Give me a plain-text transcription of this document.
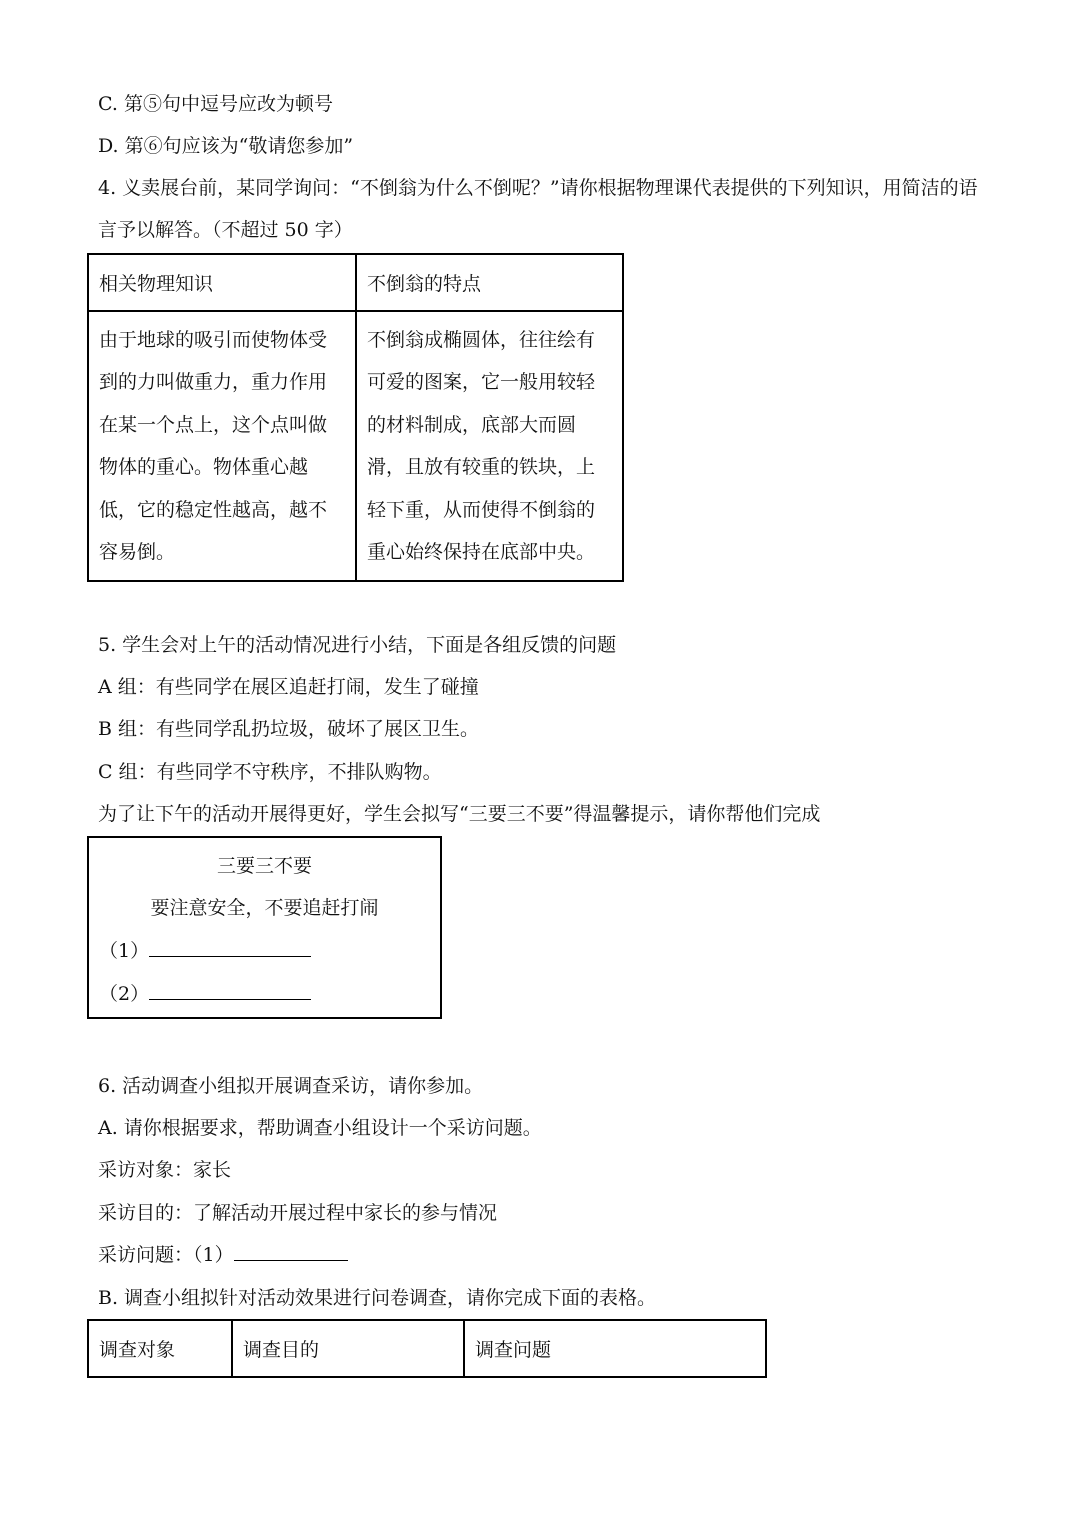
C. 第⑤句中逗号应改为顿号
D. 第⑥句应该为“敬请您参加”
4. 义卖展台前，某同学询问：“不倒翁为什么不倒呢？”请你根据物理课代表提供的下列知识，用简洁的语言予以解答。（不超过 50 字）
相关物理知识	不倒翁的特点
由于地球的吸引而使物体受到的力叫做重力，重力作用在某一个点上，这个点叫做物体的重心。物体重心越低，它的稳定性越高，越不容易倒。	不倒翁成椭圆体，往往绘有可爱的图案，它一般用较轻的材料制成，底部大而圆滑，且放有较重的铁块，上轻下重，从而使得不倒翁的重心始终保持在底部中央。
5. 学生会对上午的活动情况进行小结，下面是各组反馈的问题
A 组：有些同学在展区追赶打闹，发生了碰撞
B 组：有些同学乱扔垃圾，破坏了展区卫生。
C 组：有些同学不守秩序，不排队购物。
为了让下午的活动开展得更好，学生会拟写“三要三不要”得温馨提示，请你帮他们完成
三要三不要
要注意安全，不要追赶打闹
（1）
（2）
6. 活动调查小组拟开展调查采访，请你参加。
A. 请你根据要求，帮助调查小组设计一个采访问题。
采访对象：家长
采访目的：了解活动开展过程中家长的参与情况
采访问题：（1）
B. 调查小组拟针对活动效果进行问卷调查，请你完成下面的表格。
调查对象	调查目的	调查问题
